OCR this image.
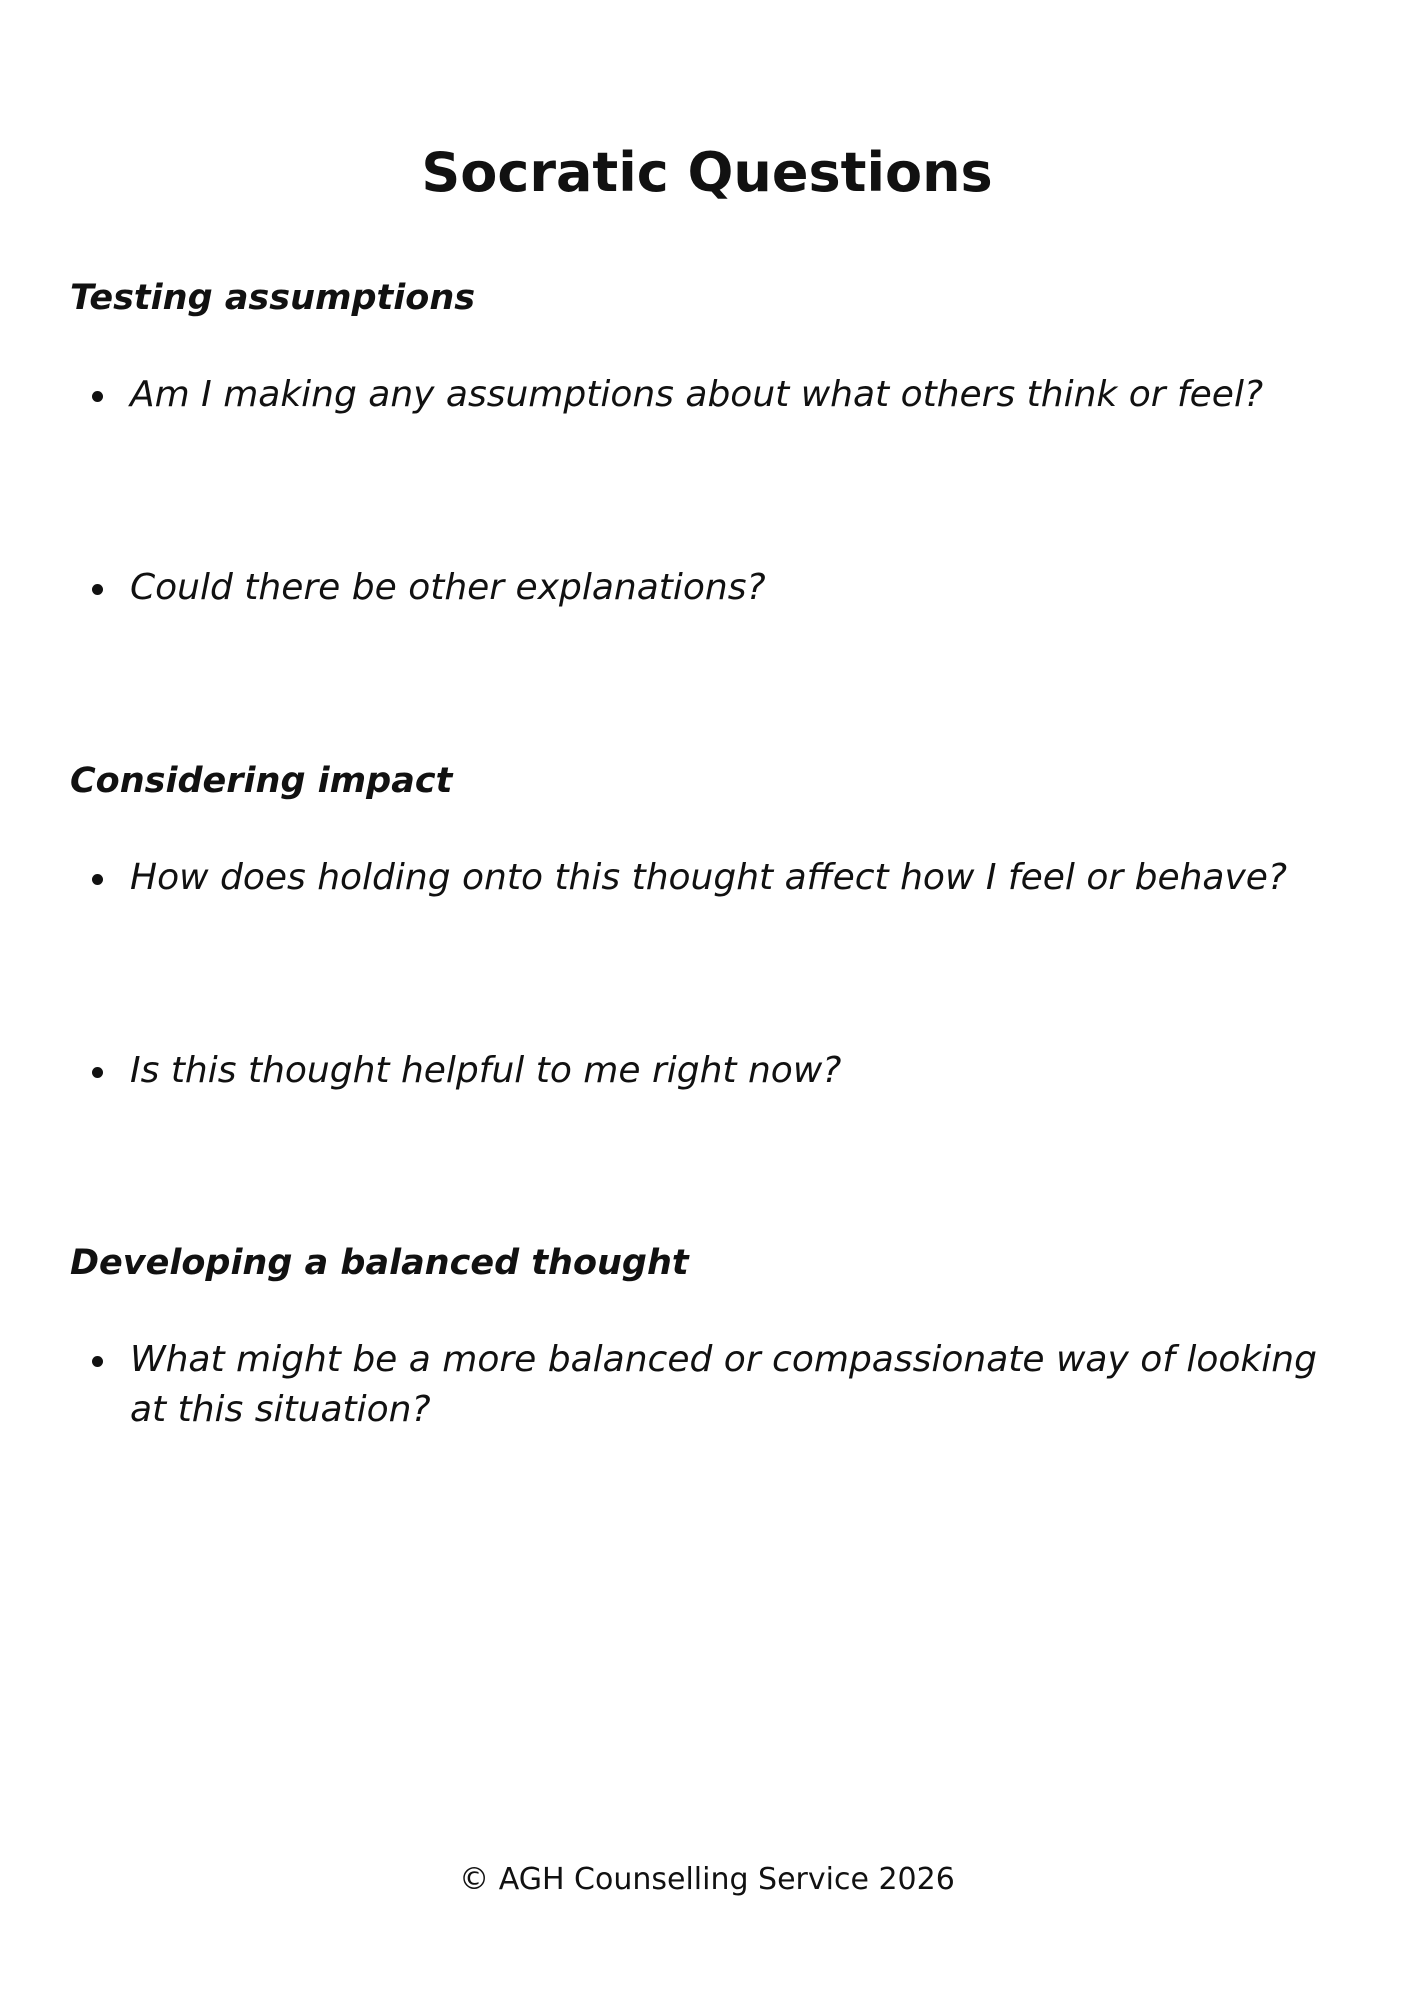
Socratic Questions
Testing assumptions
Am I making any assumptions about what others think or feel?
Could there be other explanations?
Considering impact
How does holding onto this thought affect how I feel or behave?
Is this thought helpful to me right now?
Developing a balanced thought
What might be a more balanced or compassionate way of looking at this situation?
© AGH Counselling Service 2026
